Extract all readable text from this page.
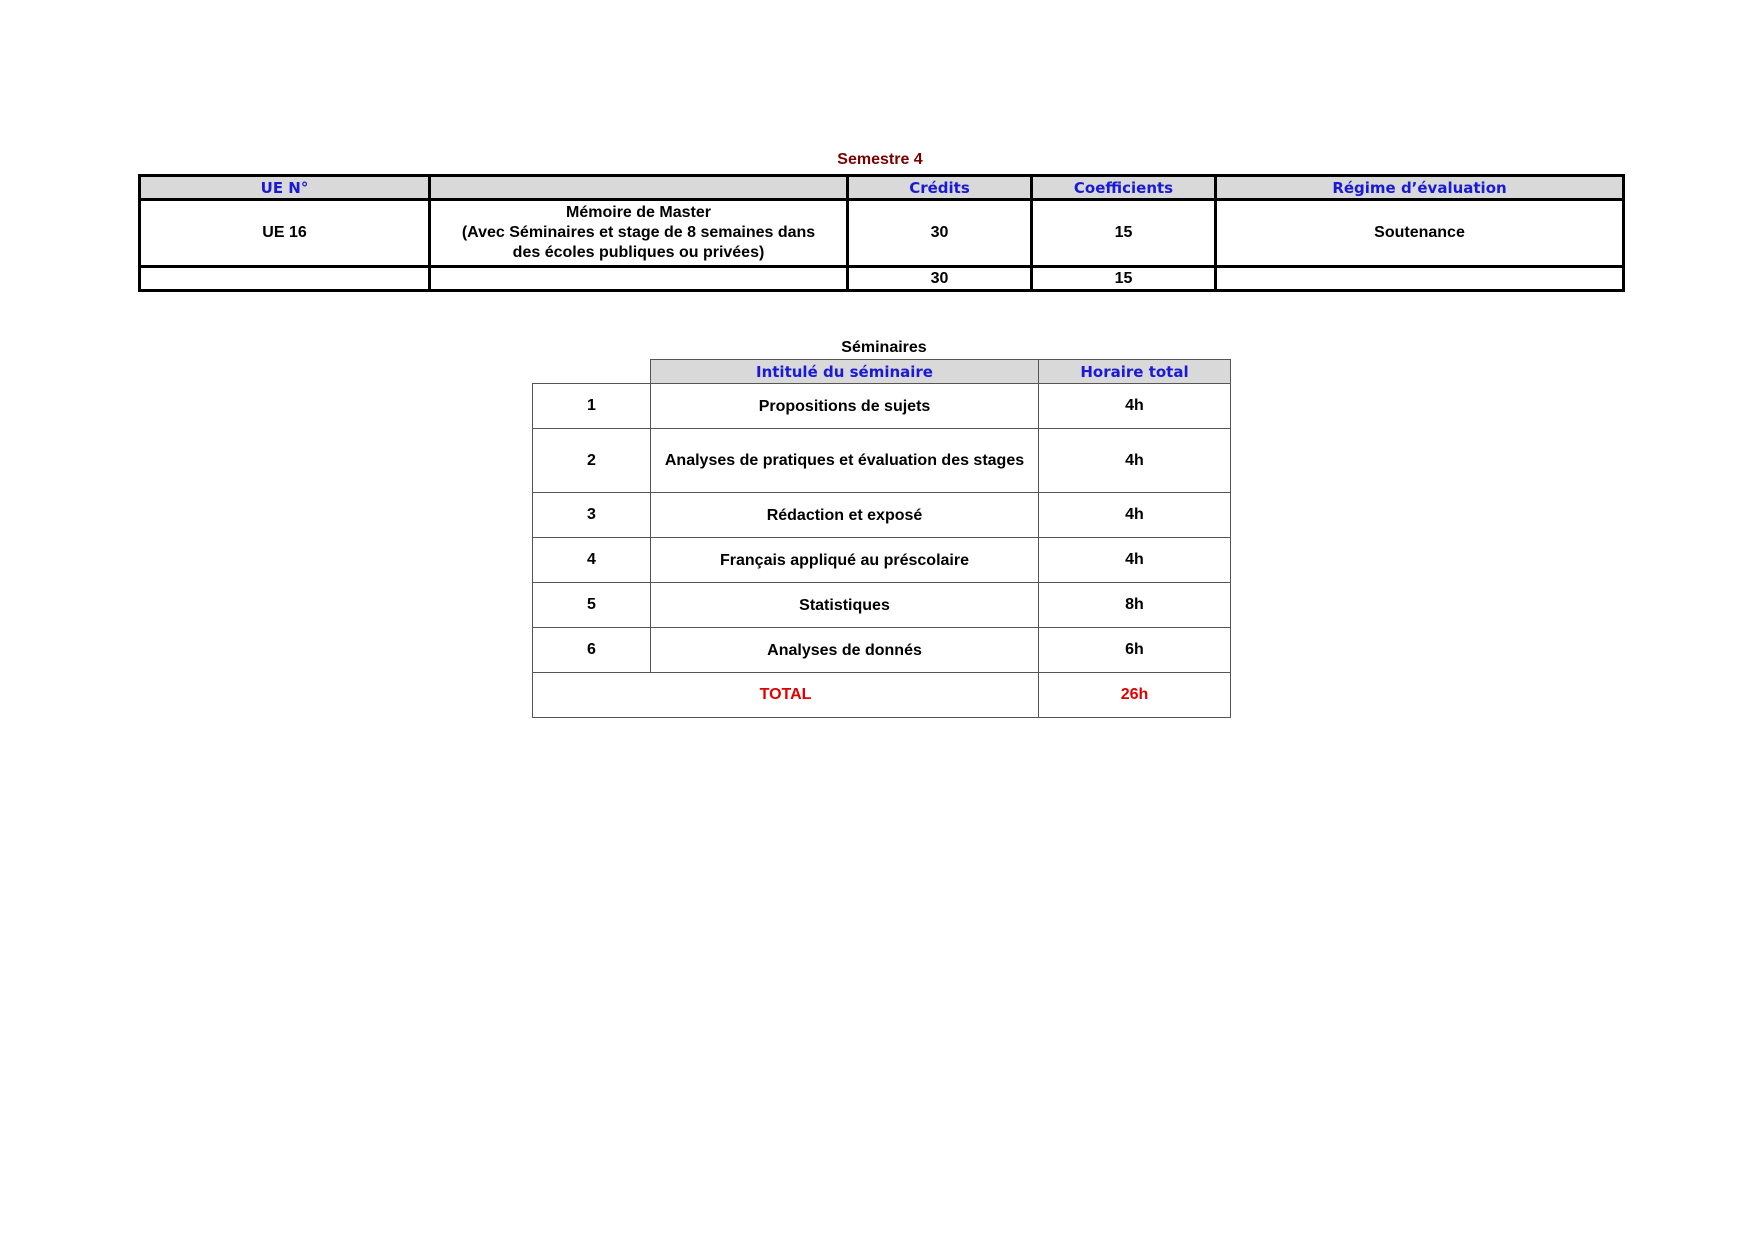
Semestre 4
UE N°		Crédits	Coefficients	Régime d’évaluation
UE 16	Mémoire de Master
(Avec Séminaires et stage de 8 semaines dans
des écoles publiques ou privées)	30	15	Soutenance
		30	15	
Séminaires
	Intitulé du séminaire	Horaire total
1	Propositions de sujets	4h
2	Analyses de pratiques et évaluation des stages	4h
3	Rédaction et exposé	4h
4	Français appliqué au préscolaire	4h
5	Statistiques	8h
6	Analyses de donnés	6h
TOTAL		26h
